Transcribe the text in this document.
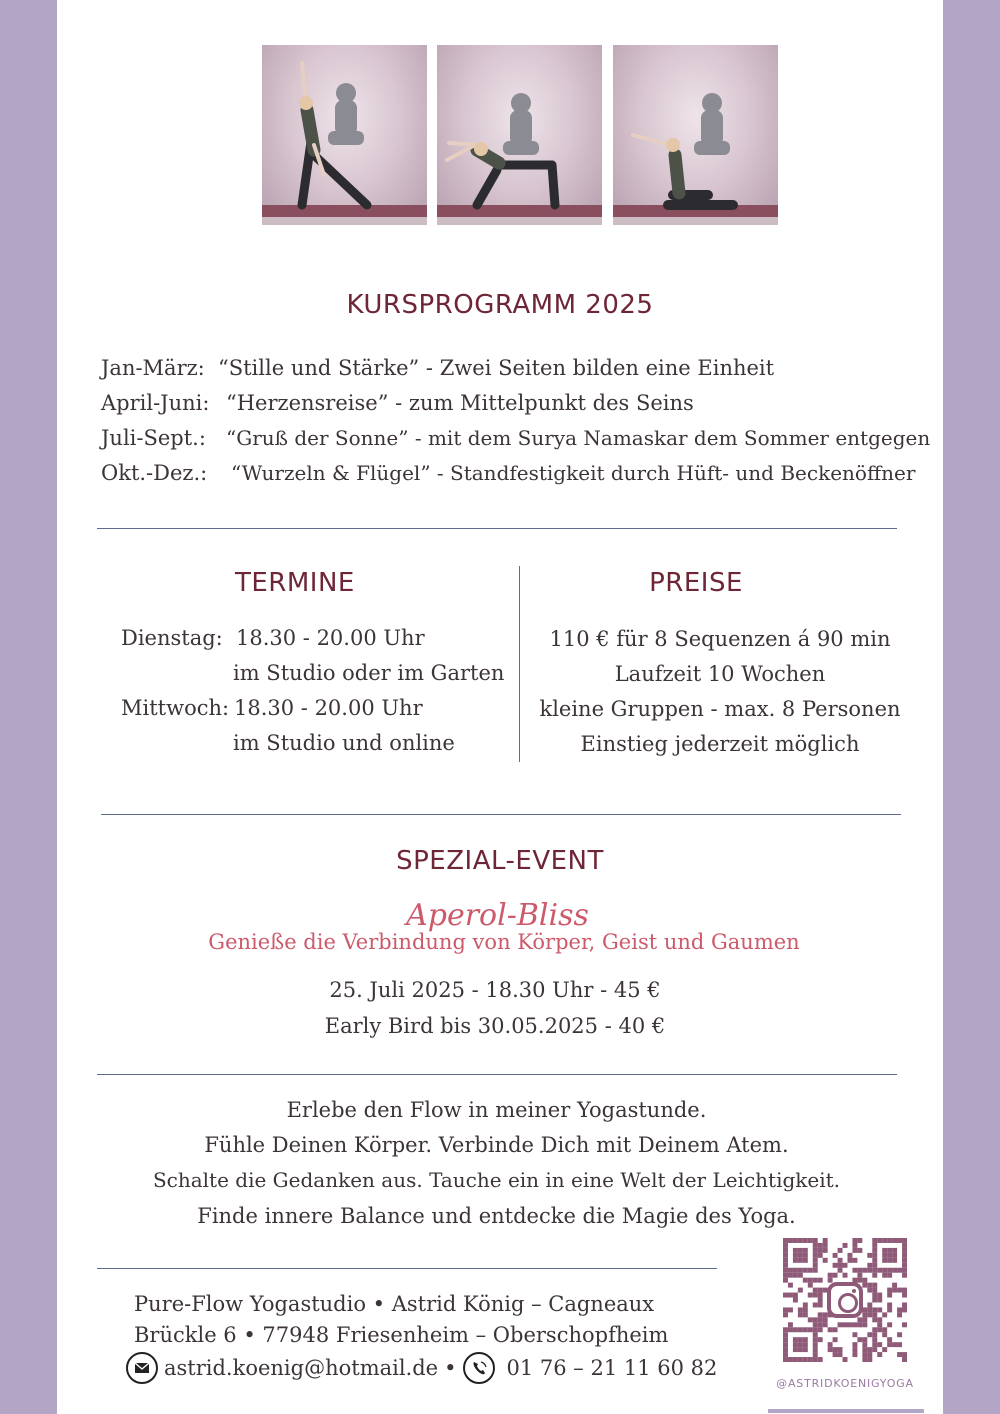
KURSPROGRAMM 2025
Jan-März: “Stille und Stärke” - Zwei Seiten bilden eine Einheit
April-Juni: “Herzensreise” - zum Mittelpunkt des Seins
Juli-Sept.: “Gruß der Sonne” - mit dem Surya Namaskar dem Sommer entgegen
Okt.-Dez.: “Wurzeln & Flügel” - Standfestigkeit durch Hüft- und Beckenöffner
TERMINE
Dienstag: 18.30 - 20.00 Uhr
im Studio oder im Garten
Mittwoch: 18.30 - 20.00 Uhr
im Studio und online
PREISE
110 € für 8 Sequenzen á 90 min
Laufzeit 10 Wochen
kleine Gruppen - max. 8 Personen
Einstieg jederzeit möglich
SPEZIAL-EVENT
Aperol-Bliss
Genieße die Verbindung von Körper, Geist und Gaumen
25. Juli 2025 - 18.30 Uhr - 45 €
Early Bird bis 30.05.2025 - 40 €
Erlebe den Flow in meiner Yogastunde.
Fühle Deinen Körper. Verbinde Dich mit Deinem Atem.
Schalte die Gedanken aus. Tauche ein in eine Welt der Leichtigkeit.
Finde innere Balance und entdecke die Magie des Yoga.
Pure-Flow Yogastudio • Astrid König – Cagneaux
Brückle 6 • 77948 Friesenheim – Oberschopfheim
astrid.koenig@hotmail.de • 01 76 – 21 11 60 82
@ASTRIDKOENIGYOGA
